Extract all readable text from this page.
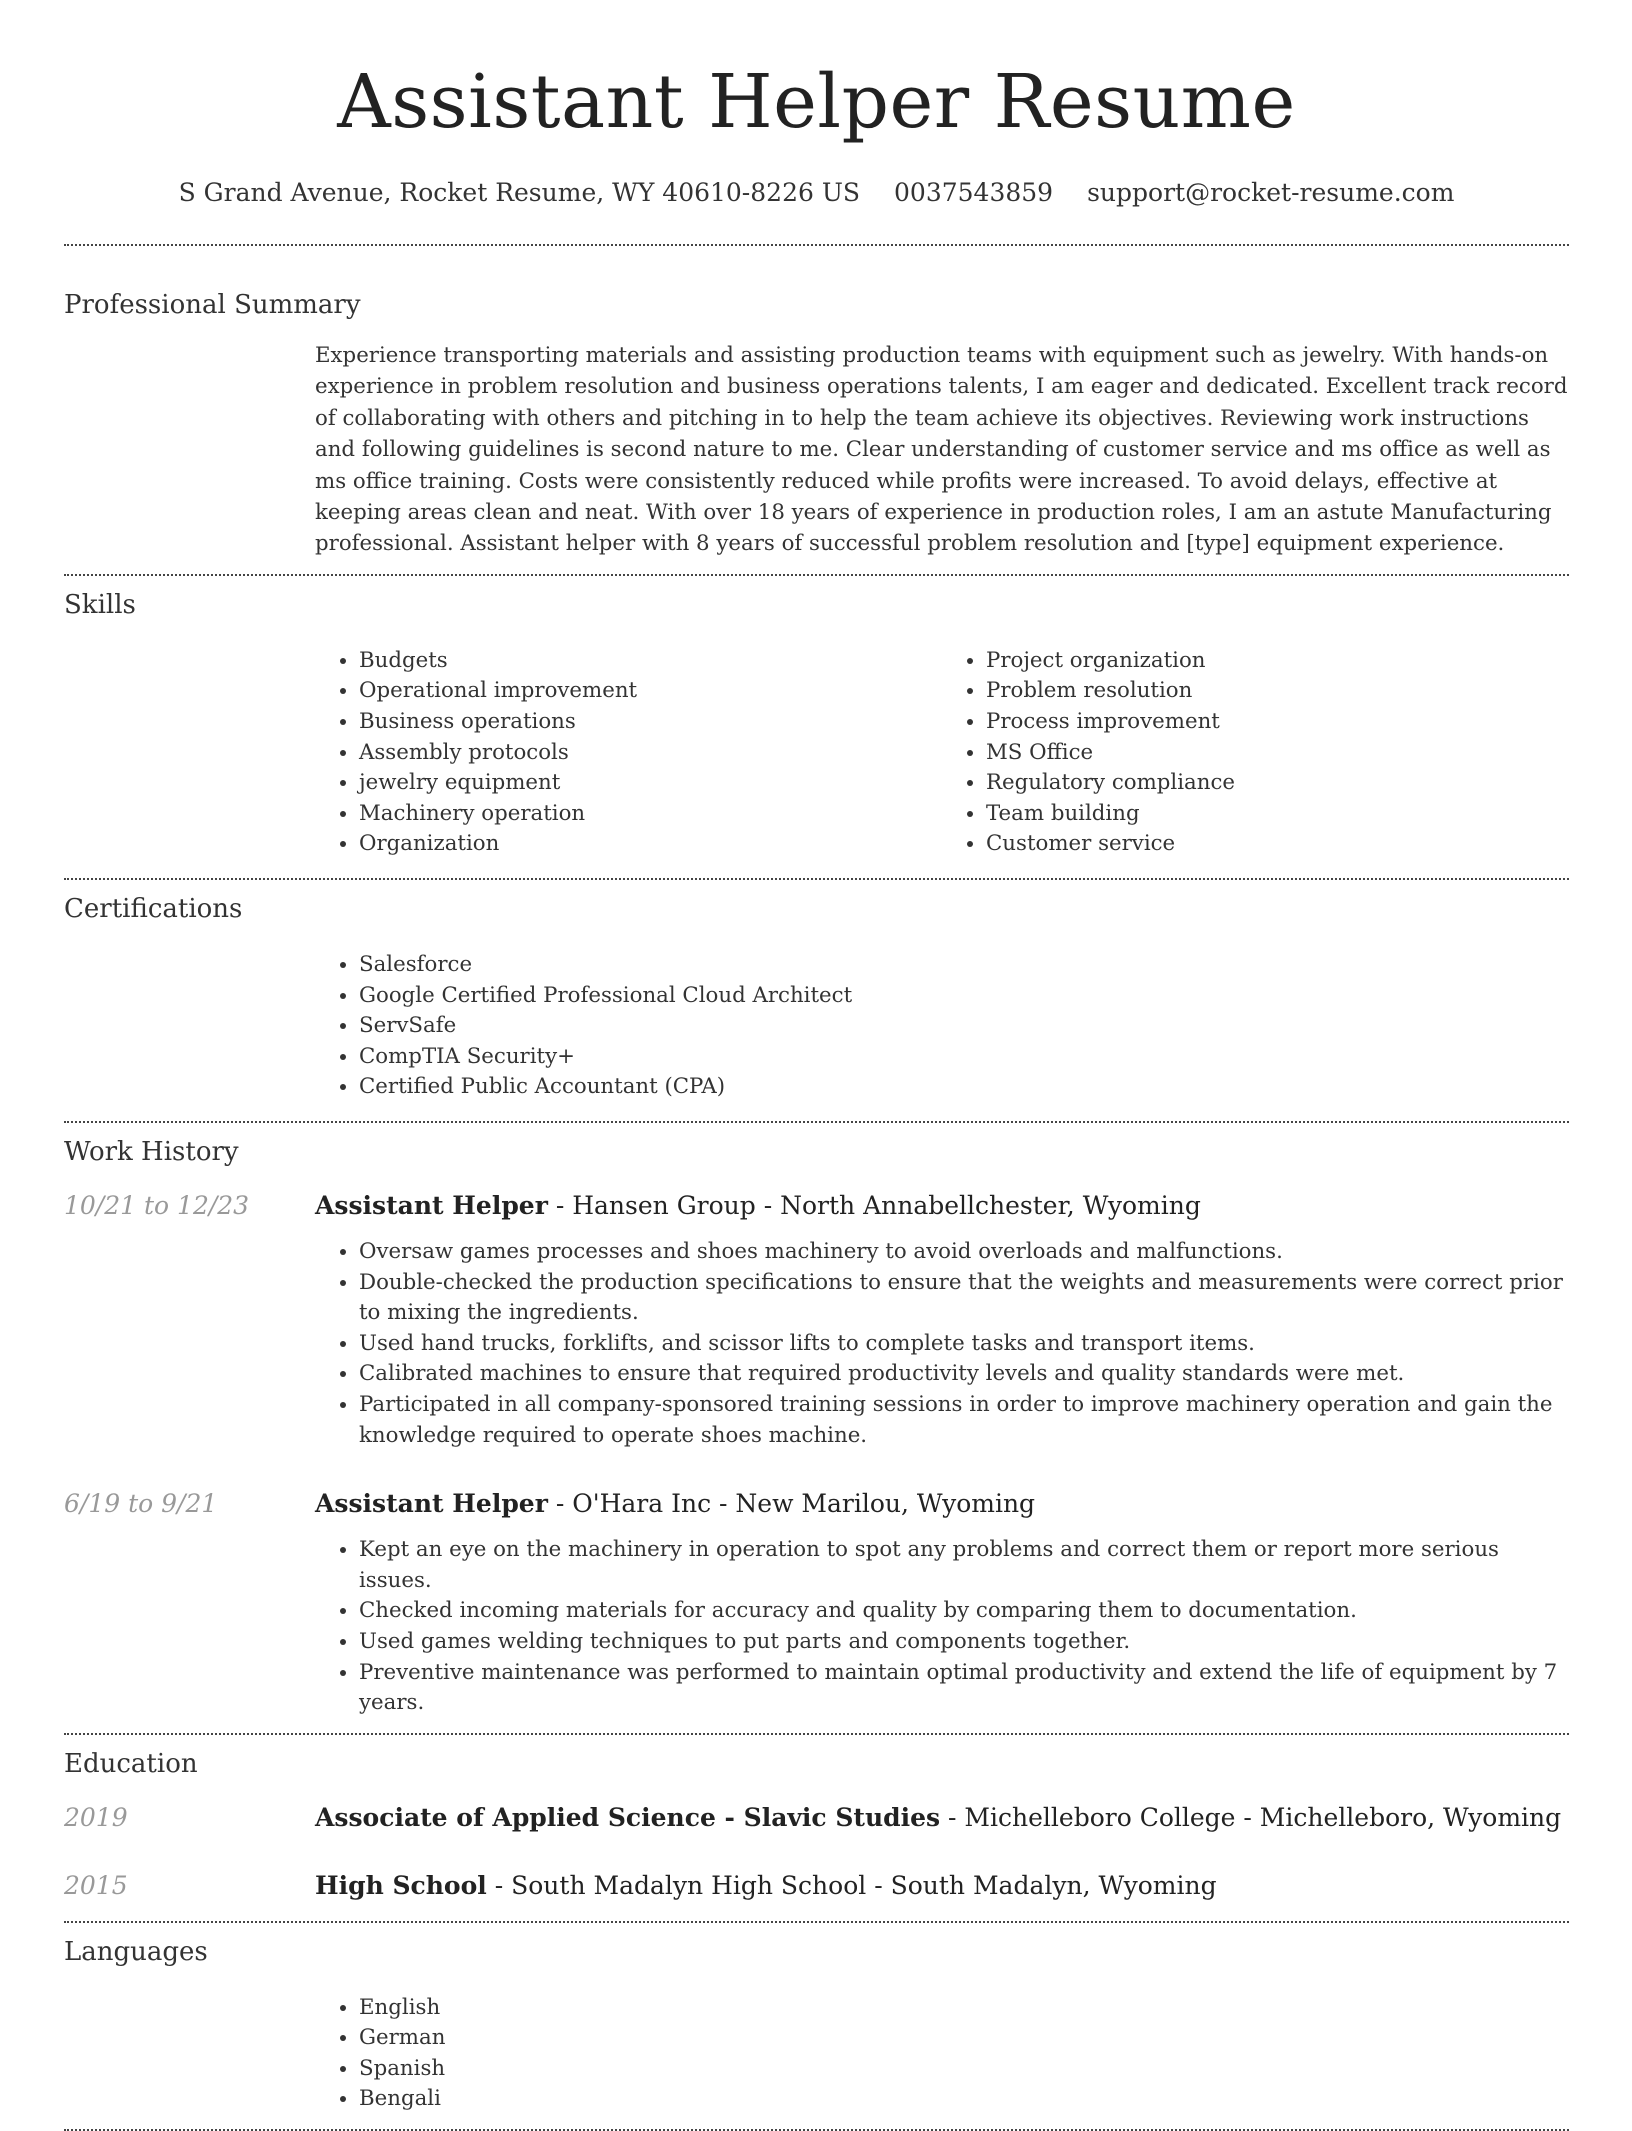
Assistant Helper Resume
S Grand Avenue, Rocket Resume, WY 40610-8226 US 0037543859 support@rocket-resume.com
Professional Summary

Experience transporting materials and assisting production teams with equipment such as jewelry. With hands-on experience in problem resolution and business operations talents, I am eager and dedicated. Excellent track record of collaborating with others and pitching in to help the team achieve its objectives. Reviewing work instructions and following guidelines is second nature to me. Clear understanding of customer service and ms office as well as ms office training. Costs were consistently reduced while profits were increased. To avoid delays, effective at keeping areas clean and neat. With over 18 years of experience in production roles, I am an astute Manufacturing professional. Assistant helper with 8 years of successful problem resolution and [type] equipment experience.

Skills
• Budgets
• Operational improvement
• Business operations
• Assembly protocols
• jewelry equipment
• Machinery operation
• Organization
• Project organization
• Problem resolution
• Process improvement
• MS Office
• Regulatory compliance
• Team building
• Customer service
Certifications
• Salesforce
• Google Certified Professional Cloud Architect
• ServSafe
• CompTIA Security+
• Certified Public Accountant (CPA)
Work History
10/21 to 12/23	Assistant Helper - Hansen Group - North Annabellchester, Wyoming
• Oversaw games processes and shoes machinery to avoid overloads and malfunctions.
• Double-checked the production specifications to ensure that the weights and measurements were correct prior to mixing the ingredients.
• Used hand trucks, forklifts, and scissor lifts to complete tasks and transport items.
• Calibrated machines to ensure that required productivity levels and quality standards were met.
• Participated in all company-sponsored training sessions in order to improve machinery operation and gain the knowledge required to operate shoes machine.
6/19 to 9/21	Assistant Helper - O'Hara Inc - New Marilou, Wyoming
• Kept an eye on the machinery in operation to spot any problems and correct them or report more serious issues.
• Checked incoming materials for accuracy and quality by comparing them to documentation.
• Used games welding techniques to put parts and components together.
• Preventive maintenance was performed to maintain optimal productivity and extend the life of equipment by 7 years.
Education
2019	Associate of Applied Science - Slavic Studies - Michelleboro College - Michelleboro, Wyoming
2015	High School - South Madalyn High School - South Madalyn, Wyoming
Languages
• English
• German
• Spanish
• Bengali
